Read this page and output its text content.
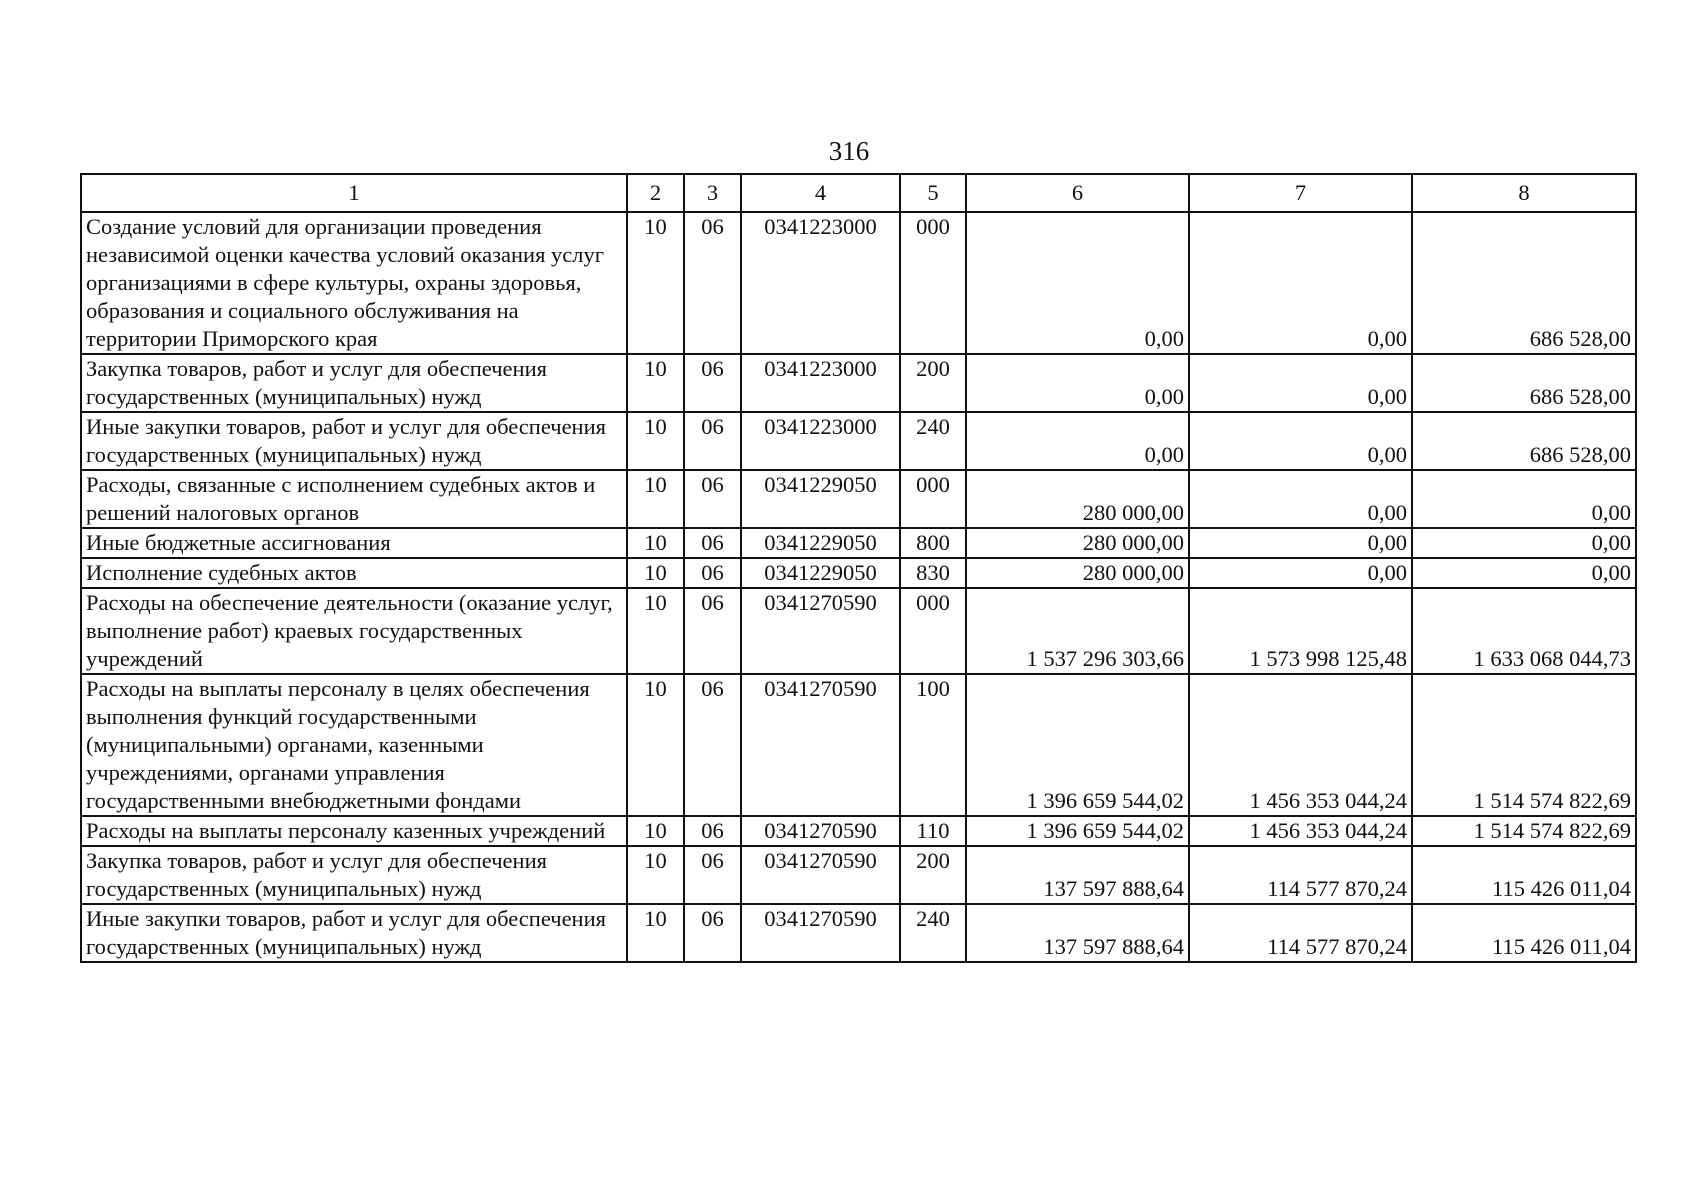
316
1	2	3	4	5	6	7	8
Создание условий для организации проведения независимой оценки качества условий оказания услуг организациями в сфере культуры, охраны здоровья, образования и социального обслуживания на территории Приморского края	10	06	0341223000	000	0,00	0,00	686 528,00
Закупка товаров, работ и услуг для обеспечения государственных (муниципальных) нужд	10	06	0341223000	200	0,00	0,00	686 528,00
Иные закупки товаров, работ и услуг для обеспечения государственных (муниципальных) нужд	10	06	0341223000	240	0,00	0,00	686 528,00
Расходы, связанные с исполнением судебных актов и решений налоговых органов	10	06	0341229050	000	280 000,00	0,00	0,00
Иные бюджетные ассигнования	10	06	0341229050	800	280 000,00	0,00	0,00
Исполнение судебных актов	10	06	0341229050	830	280 000,00	0,00	0,00
Расходы на обеспечение деятельности (оказание услуг, выполнение работ) краевых государственных учреждений	10	06	0341270590	000	1 537 296 303,66	1 573 998 125,48	1 633 068 044,73
Расходы на выплаты персоналу в целях обеспечения выполнения функций государственными (муниципальными) органами, казенными учреждениями, органами управления государственными внебюджетными фондами	10	06	0341270590	100	1 396 659 544,02	1 456 353 044,24	1 514 574 822,69
Расходы на выплаты персоналу казенных учреждений	10	06	0341270590	110	1 396 659 544,02	1 456 353 044,24	1 514 574 822,69
Закупка товаров, работ и услуг для обеспечения государственных (муниципальных) нужд	10	06	0341270590	200	137 597 888,64	114 577 870,24	115 426 011,04
Иные закупки товаров, работ и услуг для обеспечения государственных (муниципальных) нужд	10	06	0341270590	240	137 597 888,64	114 577 870,24	115 426 011,04
